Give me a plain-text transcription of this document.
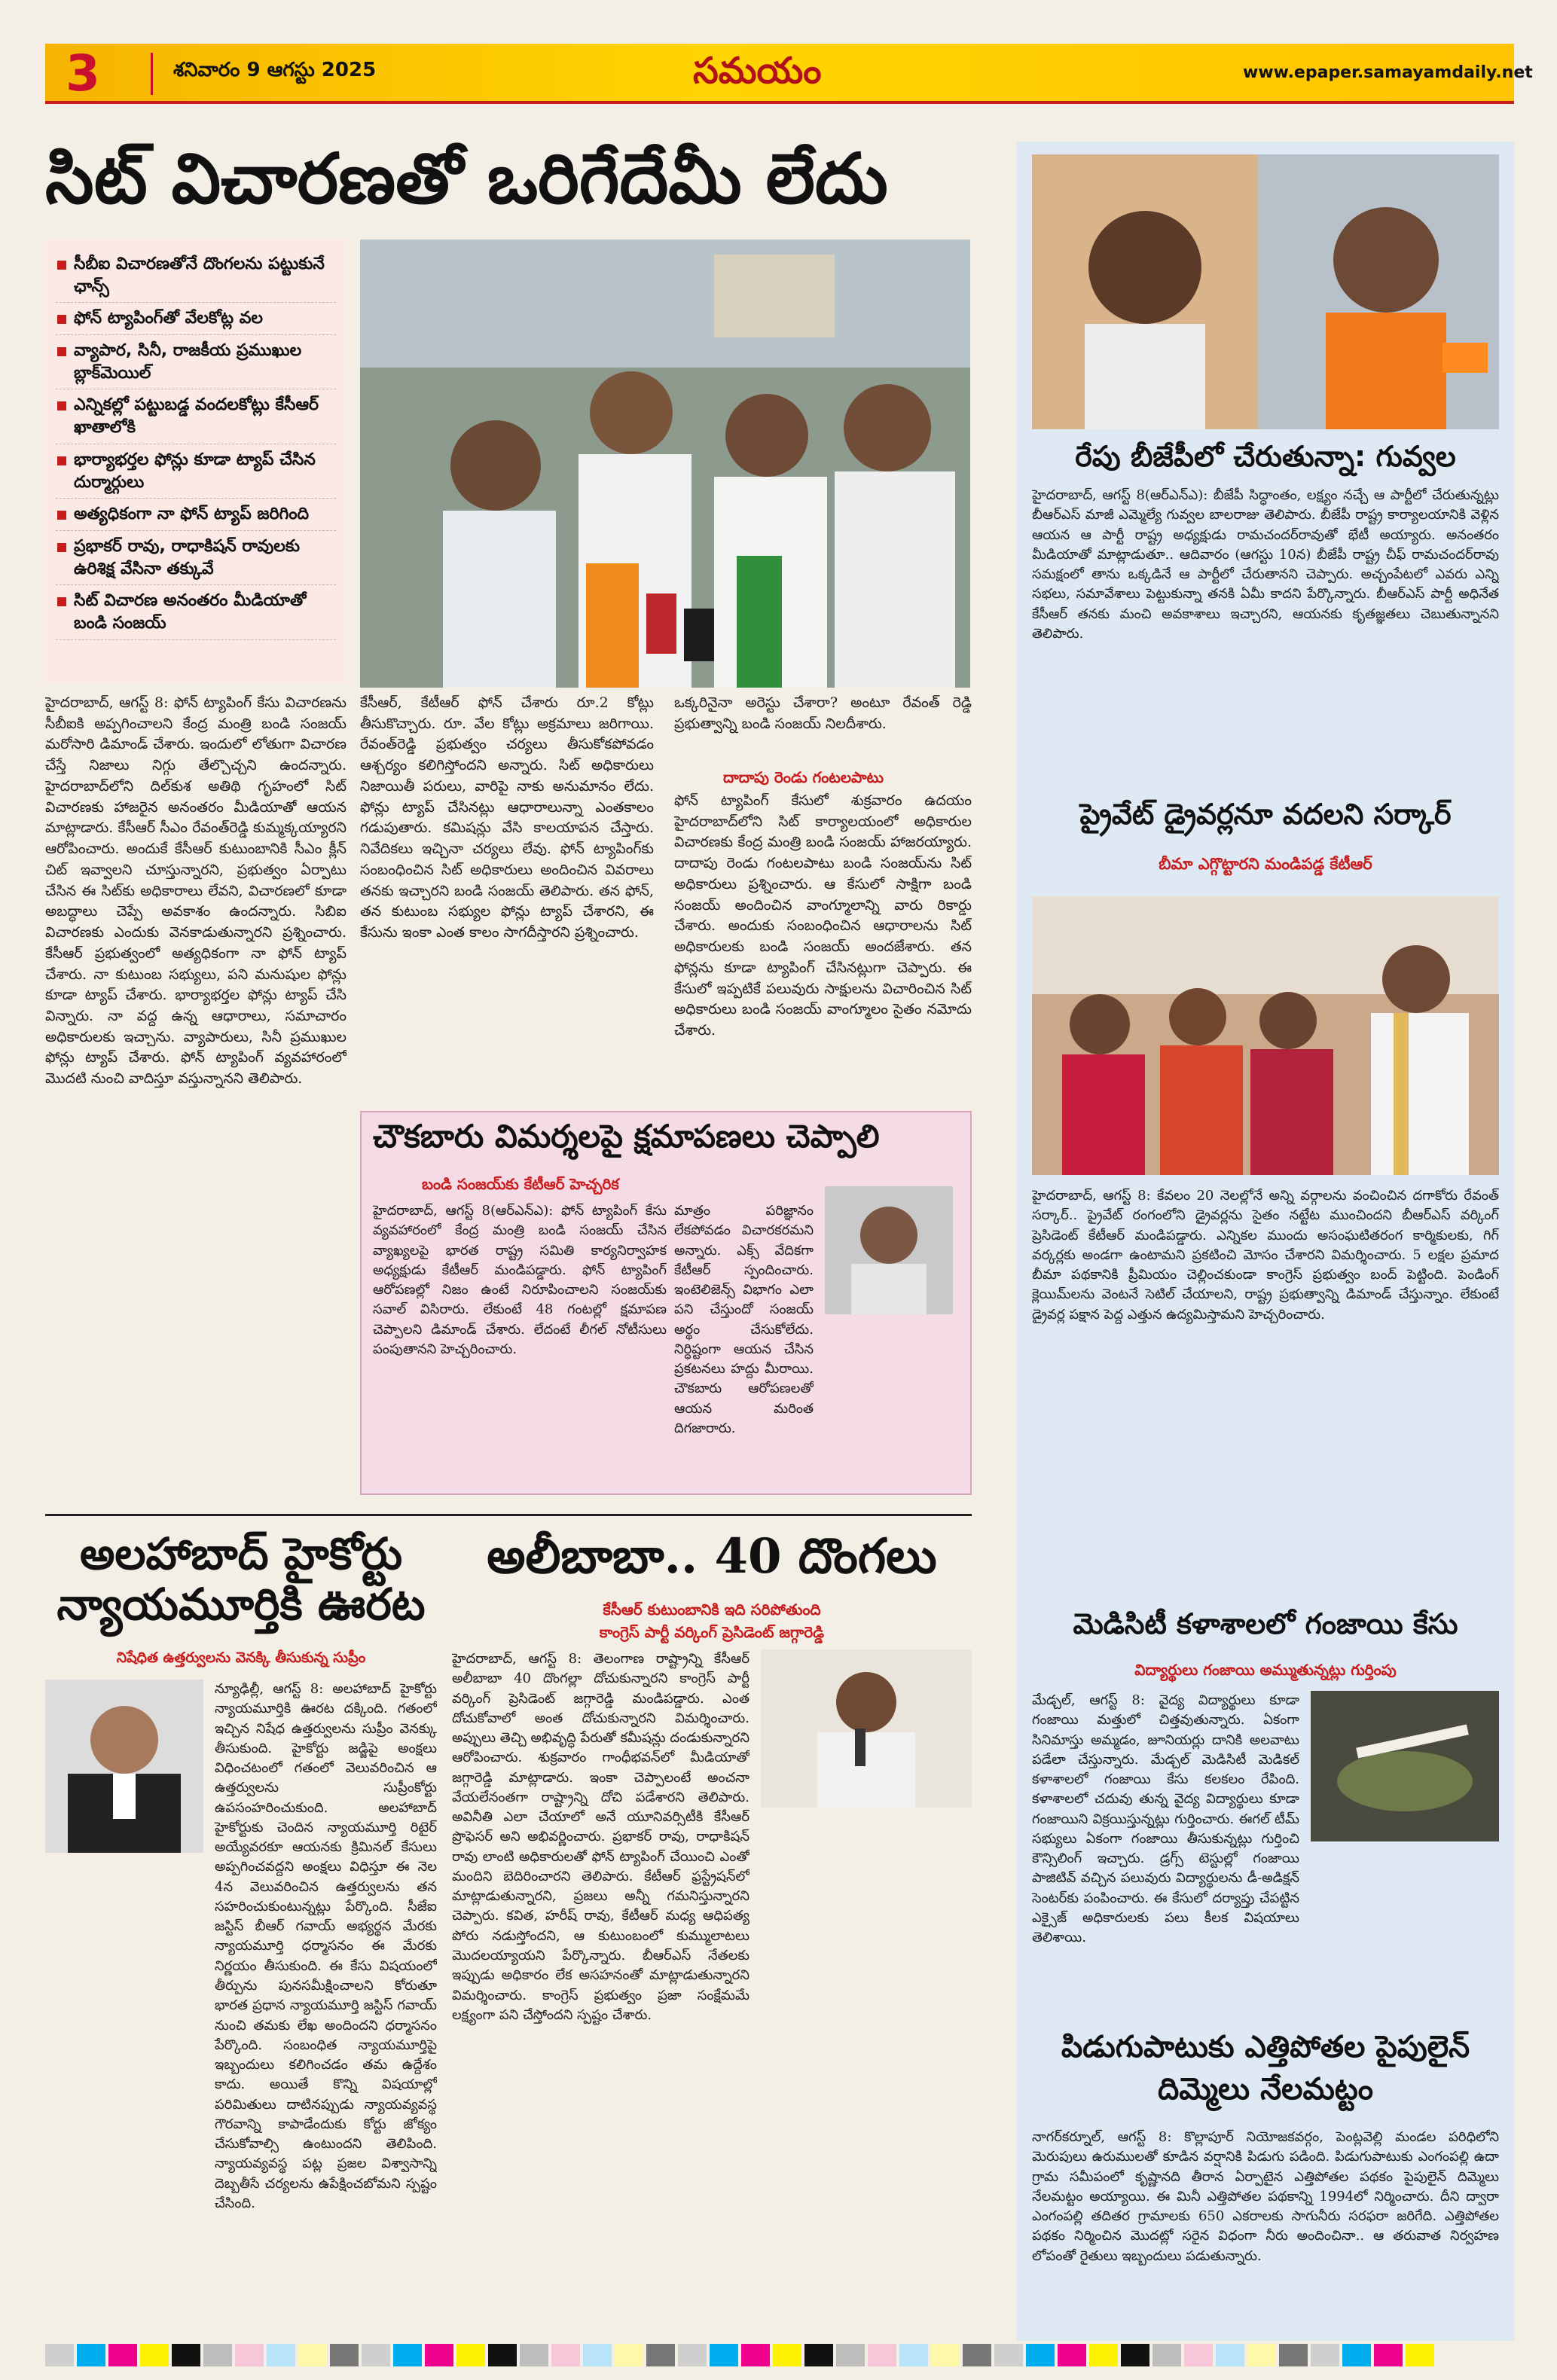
3	శనివారం 9 ఆగస్టు 2025	సమయం	www.epaper.samayamdaily.net
సిట్ విచారణతో ఒరిగేదేమీ లేదు
సీబీఐ విచారణతోనే దొంగలను పట్టుకునే ఛాన్స్
ఫోన్ ట్యాపింగ్‌తో వేలకోట్ల వల
వ్యాపార, సినీ, రాజకీయ ప్రముఖుల బ్లాక్‌మెయిల్
ఎన్నికల్లో పట్టుబడ్డ వందలకోట్లు కేసీఆర్ ఖాతాలోకి
భార్యాభర్తల ఫోన్లు కూడా ట్యాప్ చేసిన దుర్మార్గులు
అత్యధికంగా నా ఫోన్ ట్యాప్ జరిగింది
ప్రభాకర్ రావు, రాధాకిషన్ రావులకు ఉరిశిక్ష వేసినా తక్కువే
సిట్ విచారణ అనంతరం మీడియాతో బండి సంజయ్
హైదరాబాద్, ఆగస్ట్ 8: ఫోన్ ట్యాపింగ్ కేసు విచారణను సీబీఐకి అప్పగించాలని కేంద్ర మంత్రి బండి సంజయ్ మరోసారి డిమాండ్ చేశారు. ఇందులో లోతుగా విచారణ చేస్తే నిజాలు నిగ్గు తేల్చొచ్చని ఉందన్నారు. హైదరాబాద్‌లోని దిల్‌కుశ అతిథి గృహంలో సిట్ విచారణకు హాజరైన అనంతరం మీడియాతో ఆయన మాట్లాడారు. కేసీఆర్ సీఎం రేవంత్‌రెడ్డి కుమ్మక్కయ్యారని ఆరోపించారు. అందుకే కేసీఆర్ కుటుంబానికి సీఎం క్లీన్ చిట్ ఇవ్వాలని చూస్తున్నారని, ప్రభుత్వం ఏర్పాటు చేసిన ఈ సిట్‌కు అధికారాలు లేవని, విచారణలో కూడా అబద్ధాలు చెప్పే అవకాశం ఉందన్నారు. సిబిఐ విచారణకు ఎందుకు వెనకాడుతున్నారని ప్రశ్నించారు. కేసీఆర్ ప్రభుత్వంలో అత్యధికంగా నా ఫోన్ ట్యాప్ చేశారు. నా కుటుంబ సభ్యులు, పని మనుషుల ఫోన్లు కూడా ట్యాప్ చేశారు. భార్యాభర్తల ఫోన్లు ట్యాప్ చేసి విన్నారు. నా వద్ద ఉన్న ఆధారాలు, సమాచారం అధికారులకు ఇచ్చాను. వ్యాపారులు, సినీ ప్రముఖుల ఫోన్లు ట్యాప్ చేశారు. ఫోన్ ట్యాపింగ్ వ్యవహారంలో మొదటి నుంచి వాదిస్తూ వస్తున్నానని తెలిపారు.
కేసీఆర్, కేటీఆర్ ఫోన్ చేశారు రూ.2 కోట్లు తీసుకొచ్చారు. రూ. వేల కోట్లు అక్రమాలు జరిగాయి. రేవంత్‌రెడ్డి ప్రభుత్వం చర్యలు తీసుకోకపోవడం ఆశ్చర్యం కలిగిస్తోందని అన్నారు. సిట్ అధికారులు నిజాయితీ పరులు, వారిపై నాకు అనుమానం లేదు. ఫోన్లు ట్యాప్ చేసినట్లు ఆధారాలున్నా ఎంతకాలం గడుపుతారు. కమిషన్లు వేసి కాలయాపన చేస్తారు. నివేదికలు ఇచ్చినా చర్యలు లేవు. ఫోన్ ట్యాపింగ్‌కు సంబంధించిన సిట్ అధికారులు అందించిన వివరాలు తనకు ఇచ్చారని బండి సంజయ్ తెలిపారు. తన ఫోన్, తన కుటుంబ సభ్యుల ఫోన్లు ట్యాప్ చేశారని, ఈ కేసును ఇంకా ఎంత కాలం సాగదీస్తారని ప్రశ్నించారు.
ఒక్కరినైనా అరెస్టు చేశారా? అంటూ రేవంత్ రెడ్డి ప్రభుత్వాన్ని బండి సంజయ్ నిలదీశారు.
దాదాపు రెండు గంటలపాటు
ఫోన్ ట్యాపింగ్ కేసులో శుక్రవారం ఉదయం హైదరాబాద్‌లోని సిట్ కార్యాలయంలో అధికారుల విచారణకు కేంద్ర మంత్రి బండి సంజయ్ హాజరయ్యారు. దాదాపు రెండు గంటలపాటు బండి సంజయ్‌ను సిట్ అధికారులు ప్రశ్నించారు. ఆ కేసులో సాక్షిగా బండి సంజయ్ అందించిన వాంగ్మూలాన్ని వారు రికార్డు చేశారు. అందుకు సంబంధించిన ఆధారాలను సిట్ అధికారులకు బండి సంజయ్ అందజేశారు. తన ఫోన్లను కూడా ట్యాపింగ్ చేసినట్లుగా చెప్పారు. ఈ కేసులో ఇప్పటికే పలువురు సాక్షులను విచారించిన సిట్ అధికారులు బండి సంజయ్ వాంగ్మూలం సైతం నమోదు చేశారు.
చౌకబారు విమర్శలపై క్షమాపణలు చెప్పాలి
బండి సంజయ్‌కు కేటీఆర్ హెచ్చరిక
హైదరాబాద్, ఆగస్ట్ 8(ఆర్‌ఎన్‌ఎ): ఫోన్ ట్యాపింగ్ కేసు వ్యవహారంలో కేంద్ర మంత్రి బండి సంజయ్ చేసిన వ్యాఖ్యలపై భారత రాష్ట్ర సమితి కార్యనిర్వాహక అధ్యక్షుడు కేటీఆర్ మండిపడ్డారు. ఫోన్ ట్యాపింగ్ ఆరోపణల్లో నిజం ఉంటే నిరూపించాలని సంజయ్‌కు సవాల్ విసిరారు. లేకుంటే 48 గంటల్లో క్షమాపణ చెప్పాలని డిమాండ్ చేశారు. లేదంటే లీగల్ నోటీసులు పంపుతానని హెచ్చరించారు.
మాత్రం పరిజ్ఞానం లేకపోవడం విచారకరమని అన్నారు. ఎక్స్ వేదికగా కేటీఆర్ స్పందించారు. ఇంటెలిజెన్స్ విభాగం ఎలా పని చేస్తుందో సంజయ్ అర్థం చేసుకోలేదు. నిర్ధిష్టంగా ఆయన చేసిన ప్రకటనలు హద్దు మీరాయి. చౌకబారు ఆరోపణలతో ఆయన మరింత దిగజారారు.
అలహాబాద్ హైకోర్టు న్యాయమూర్తికి ఊరట
నిషేధిత ఉత్తర్వులను వెనక్కి తీసుకున్న సుప్రీం
న్యూఢిల్లీ, ఆగస్ట్ 8: అలహాబాద్ హైకోర్టు న్యాయమూర్తికి ఊరట దక్కింది. గతంలో ఇచ్చిన నిషేధ ఉత్తర్వులను సుప్రీం వెనక్కు తీసుకుంది. హైకోర్టు జడ్జిపై అంక్షలు విధించటంలో గతంలో వెలువరించిన ఆ ఉత్తర్వులను సుప్రీంకోర్టు ఉపసంహరించుకుంది. అలహాబాద్ హైకోర్టుకు చెందిన న్యాయమూర్తి రిటైర్ అయ్యేవరకూ ఆయనకు క్రిమినల్ కేసులు అప్పగించవద్దని అంక్షలు విధిస్తూ ఈ నెల 4న వెలువరించిన ఉత్తర్వులను తన సహరించుకుంటున్నట్లు పేర్కొంది. సీజేఐ జస్టిస్ బీఆర్ గవాయ్ అభ్యర్థన మేరకు న్యాయమూర్తి ధర్మాసనం ఈ మేరకు నిర్ణయం తీసుకుంది. ఈ కేసు విషయంలో తీర్పును పునసమీక్షించాలని కోరుతూ భారత ప్రధాన న్యాయమూర్తి జస్టిస్ గవాయ్ నుంచి తమకు లేఖ అందిందని ధర్మాసనం పేర్కొంది. సంబంధిత న్యాయమూర్తిపై ఇబ్బందులు కలిగించడం తమ ఉద్దేశం కాదు. అయితే కొన్ని విషయాల్లో పరిమితులు దాటినప్పుడు న్యాయవ్యవస్థ గౌరవాన్ని కాపాడేందుకు కోర్టు జోక్యం చేసుకోవాల్సి ఉంటుందని తెలిపింది. న్యాయవ్యవస్థ పట్ల ప్రజల విశ్వాసాన్ని దెబ్బతీసే చర్యలను ఉపేక్షించబోమని స్పష్టం చేసింది.
అలీబాబా.. 40 దొంగలు
కేసీఆర్ కుటుంబానికి ఇది సరిపోతుంది
కాంగ్రెస్ పార్టీ వర్కింగ్ ప్రెసిడెంట్ జగ్గారెడ్డి
హైదరాబాద్, ఆగస్ట్ 8: తెలంగాణ రాష్ట్రాన్ని కేసీఆర్ అలీబాబా 40 దొంగల్లా దోచుకున్నారని కాంగ్రెస్ పార్టీ వర్కింగ్ ప్రెసిడెంట్ జగ్గారెడ్డి మండిపడ్డారు. ఎంత దోచుకోవాలో అంత దోచుకున్నారని విమర్శించారు. అప్పులు తెచ్చి అభివృద్ధి పేరుతో కమీషన్లు దండుకున్నారని ఆరోపించారు. శుక్రవారం గాంధీభవన్‌లో మీడియాతో జగ్గారెడ్డి మాట్లాడారు. ఇంకా చెప్పాలంటే అంచనా వేయలేనంతగా రాష్ట్రాన్ని దోచి పడేశారని తెలిపారు. అవినీతి ఎలా చేయాలో అనే యూనివర్సిటీకి కేసీఆర్ ప్రొఫెసర్ అని అభివర్ణించారు. ప్రభాకర్ రావు, రాధాకిషన్ రావు లాంటి అధికారులతో ఫోన్ ట్యాపింగ్ చేయించి ఎంతో మందిని బెదిరించారని తెలిపారు. కేటీఆర్ ఫ్రస్ట్రేషన్‌లో మాట్లాడుతున్నారని, ప్రజలు అన్నీ గమనిస్తున్నారని చెప్పారు. కవిత, హరీష్ రావు, కేటీఆర్ మధ్య ఆధిపత్య పోరు నడుస్తోందని, ఆ కుటుంబంలో కుమ్ములాటలు మొదలయ్యాయని పేర్కొన్నారు. బీఆర్ఎస్ నేతలకు ఇప్పుడు అధికారం లేక అసహనంతో మాట్లాడుతున్నారని విమర్శించారు. కాంగ్రెస్ ప్రభుత్వం ప్రజా సంక్షేమమే లక్ష్యంగా పని చేస్తోందని స్పష్టం చేశారు.
రేపు బీజేపీలో చేరుతున్నా: గువ్వల
హైదరాబాద్, ఆగస్ట్ 8(ఆర్‌ఎన్‌ఎ): బీజేపీ సిద్ధాంతం, లక్ష్యం నచ్చే ఆ పార్టీలో చేరుతున్నట్లు బీఆర్ఎస్ మాజీ ఎమ్మెల్యే గువ్వల బాలరాజు తెలిపారు. బీజేపీ రాష్ట్ర కార్యాలయానికి వెళ్లిన ఆయన ఆ పార్టీ రాష్ట్ర అధ్యక్షుడు రామచందర్‌రావుతో భేటీ అయ్యారు. అనంతరం మీడియాతో మాట్లాడుతూ.. ఆదివారం (ఆగస్టు 10న) బీజేపీ రాష్ట్ర చీఫ్ రామచందర్‌రావు సమక్షంలో తాను ఒక్కడినే ఆ పార్టీలో చేరుతానని చెప్పారు. అచ్చంపేటలో ఎవరు ఎన్ని సభలు, సమావేశాలు పెట్టుకున్నా తనకి ఏమీ కాదని పేర్కొన్నారు. బీఆర్ఎస్ పార్టీ అధినేత కేసీఆర్ తనకు మంచి అవకాశాలు ఇచ్చారని, ఆయనకు కృతజ్ఞతలు చెబుతున్నానని తెలిపారు.
ప్రైవేట్ డ్రైవర్లనూ వదలని సర్కార్
బీమా ఎగ్గొట్టారని మండిపడ్డ కేటీఆర్
హైదరాబాద్, ఆగస్ట్ 8: కేవలం 20 నెలల్లోనే అన్ని వర్గాలను వంచించిన దగాకోరు రేవంత్ సర్కార్.. ప్రైవేట్ రంగంలోని డ్రైవర్లను సైతం నట్టేట ముంచిందని బీఆర్ఎస్ వర్కింగ్ ప్రెసిడెంట్ కేటీఆర్ మండిపడ్డారు. ఎన్నికల ముందు అసంఘటితరంగ కార్మికులకు, గిగ్ వర్కర్లకు అండగా ఉంటామని ప్రకటించి మోసం చేశారని విమర్శించారు. 5 లక్షల ప్రమాద బీమా పథకానికి ప్రీమియం చెల్లించకుండా కాంగ్రెస్ ప్రభుత్వం బంద్ పెట్టింది. పెండింగ్ క్లెయిమ్‌లను వెంటనే సెటిల్ చేయాలని, రాష్ట్ర ప్రభుత్వాన్ని డిమాండ్ చేస్తున్నాం. లేకుంటే డ్రైవర్ల పక్షాన పెద్ద ఎత్తున ఉద్యమిస్తామని హెచ్చరించారు.
మెడిసిటీ కళాశాలలో గంజాయి కేసు
విద్యార్థులు గంజాయి అమ్ముతున్నట్లు గుర్తింపు
మేడ్చల్, ఆగస్ట్ 8: వైద్య విద్యార్థులు కూడా గంజాయి మత్తులో చిత్తవుతున్నారు. ఏకంగా సినిమాస్తు అమ్మడం, జూనియర్లు దానికి అలవాటు పడేలా చేస్తున్నారు. మేడ్చల్ మెడిసిటీ మెడికల్ కళాశాలలో గంజాయి కేసు కలకలం రేపింది. కళాశాలలో చదువు తున్న వైద్య విద్యార్థులు కూడా గంజాయిని విక్రయిస్తున్నట్లు గుర్తించారు. ఈగల్ టీమ్ సభ్యులు ఏకంగా గంజాయి తీసుకున్నట్లు గుర్తించి కౌన్సిలింగ్ ఇచ్చారు. డ్రగ్స్ టెస్టుల్లో గంజాయి పాజిటివ్ వచ్చిన పలువురు విద్యార్థులను డీ-అడిక్షన్ సెంటర్‌కు పంపించారు. ఈ కేసులో దర్యాప్తు చేపట్టిన ఎక్సైజ్ అధికారులకు పలు కీలక విషయాలు తెలిశాయి.
పిడుగుపాటుకు ఎత్తిపోతల పైపులైన్ దిమ్మెలు నేలమట్టం
నాగర్‌కర్నూల్, ఆగస్ట్ 8: కొల్లాపూర్ నియోజకవర్గం, పెంట్లవెల్లి మండల పరిధిలోని మెరుపులు ఉరుములతో కూడిన వర్షానికి పిడుగు పడింది. పిడుగుపాటుకు ఎంగంపల్లి ఉదా గ్రామ సమీపంలో కృష్ణానది తీరాన ఏర్పాటైన ఎత్తిపోతల పథకం పైపులైన్ దిమ్మెలు నేలమట్టం అయ్యాయి. ఈ మినీ ఎత్తిపోతల పథకాన్ని 1994లో నిర్మించారు. దీని ద్వారా ఎంగంపల్లి తదితర గ్రామాలకు 650 ఎకరాలకు సాగునీరు సరఫరా జరిగేది. ఎత్తిపోతల పథకం నిర్మించిన మొదట్లో సరైన విధంగా నీరు అందించినా.. ఆ తరువాత నిర్వహణ లోపంతో రైతులు ఇబ్బందులు పడుతున్నారు.
